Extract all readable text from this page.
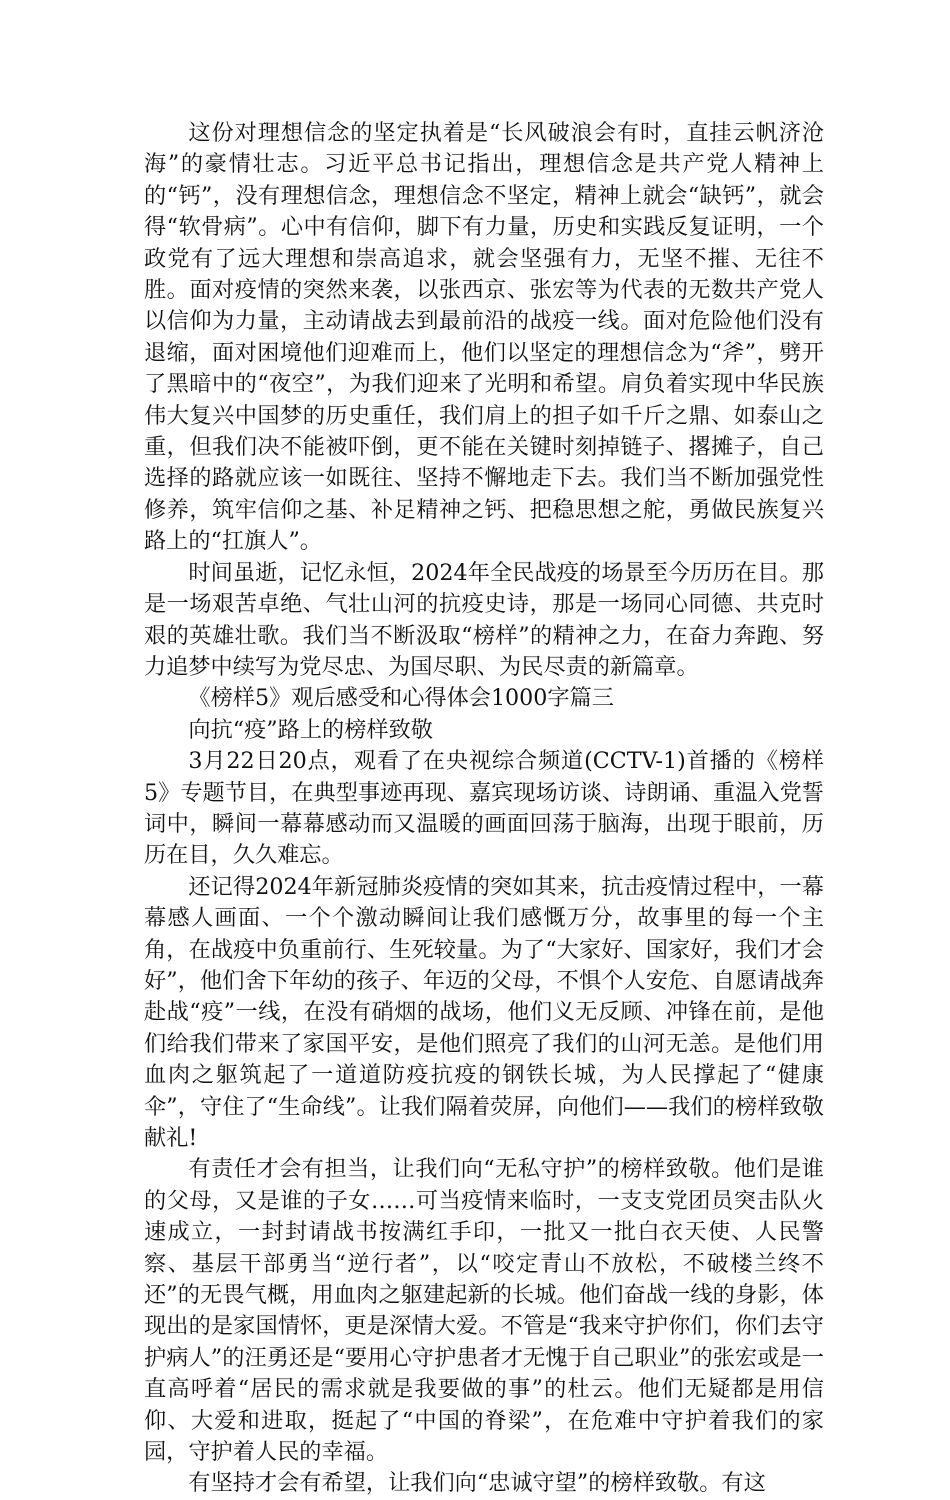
这份对理想信念的坚定执着是“长风破浪会有时，直挂云帆济沧海”的豪情壮志。习近平总书记指出，理想信念是共产党人精神上的“钙”，没有理想信念，理想信念不坚定，精神上就会“缺钙”，就会得“软骨病”。心中有信仰，脚下有力量，历史和实践反复证明，一个政党有了远大理想和崇高追求，就会坚强有力，无坚不摧、无往不胜。面对疫情的突然来袭，以张西京、张宏等为代表的无数共产党人以信仰为力量，主动请战去到最前沿的战疫一线。面对危险他们没有退缩，面对困境他们迎难而上，他们以坚定的理想信念为“斧”，劈开了黑暗中的“夜空”，为我们迎来了光明和希望。肩负着实现中华民族伟大复兴中国梦的历史重任，我们肩上的担子如千斤之鼎、如泰山之重，但我们决不能被吓倒，更不能在关键时刻掉链子、撂摊子，自己选择的路就应该一如既往、坚持不懈地走下去。我们当不断加强党性修养，筑牢信仰之基、补足精神之钙、把稳思想之舵，勇做民族复兴路上的“扛旗人”。

时间虽逝，记忆永恒，2024年全民战疫的场景至今历历在目。那是一场艰苦卓绝、气壮山河的抗疫史诗，那是一场同心同德、共克时艰的英雄壮歌。我们当不断汲取“榜样”的精神之力，在奋力奔跑、努力追梦中续写为党尽忠、为国尽职、为民尽责的新篇章。

《榜样5》观后感受和心得体会1000字篇三

向抗“疫”路上的榜样致敬

3月22日20点，观看了在央视综合频道(CCTV-1)首播的《榜样5》专题节目，在典型事迹再现、嘉宾现场访谈、诗朗诵、重温入党誓词中，瞬间一幕幕感动而又温暖的画面回荡于脑海，出现于眼前，历历在目，久久难忘。

还记得2024年新冠肺炎疫情的突如其来，抗击疫情过程中，一幕幕感人画面、一个个激动瞬间让我们感慨万分，故事里的每一个主角，在战疫中负重前行、生死较量。为了“大家好、国家好，我们才会好”，他们舍下年幼的孩子、年迈的父母，不惧个人安危、自愿请战奔赴战“疫”一线，在没有硝烟的战场，他们义无反顾、冲锋在前，是他们给我们带来了家国平安，是他们照亮了我们的山河无恙。是他们用血肉之躯筑起了一道道防疫抗疫的钢铁长城，为人民撑起了“健康伞”，守住了“生命线”。让我们隔着荧屏，向他们——我们的榜样致敬献礼!

有责任才会有担当，让我们向“无私守护”的榜样致敬。他们是谁的父母，又是谁的子女……可当疫情来临时，一支支党团员突击队火速成立，一封封请战书按满红手印，一批又一批白衣天使、人民警察、基层干部勇当“逆行者”，以“咬定青山不放松，不破楼兰终不还”的无畏气概，用血肉之躯建起新的长城。他们奋战一线的身影，体现出的是家国情怀，更是深情大爱。不管是“我来守护你们，你们去守护病人”的汪勇还是“要用心守护患者才无愧于自己职业”的张宏或是一直高呼着“居民的需求就是我要做的事”的杜云。他们无疑都是用信仰、大爱和进取，挺起了“中国的脊梁”，在危难中守护着我们的家园，守护着人民的幸福。

有坚持才会有希望，让我们向“忠诚守望”的榜样致敬。有这
